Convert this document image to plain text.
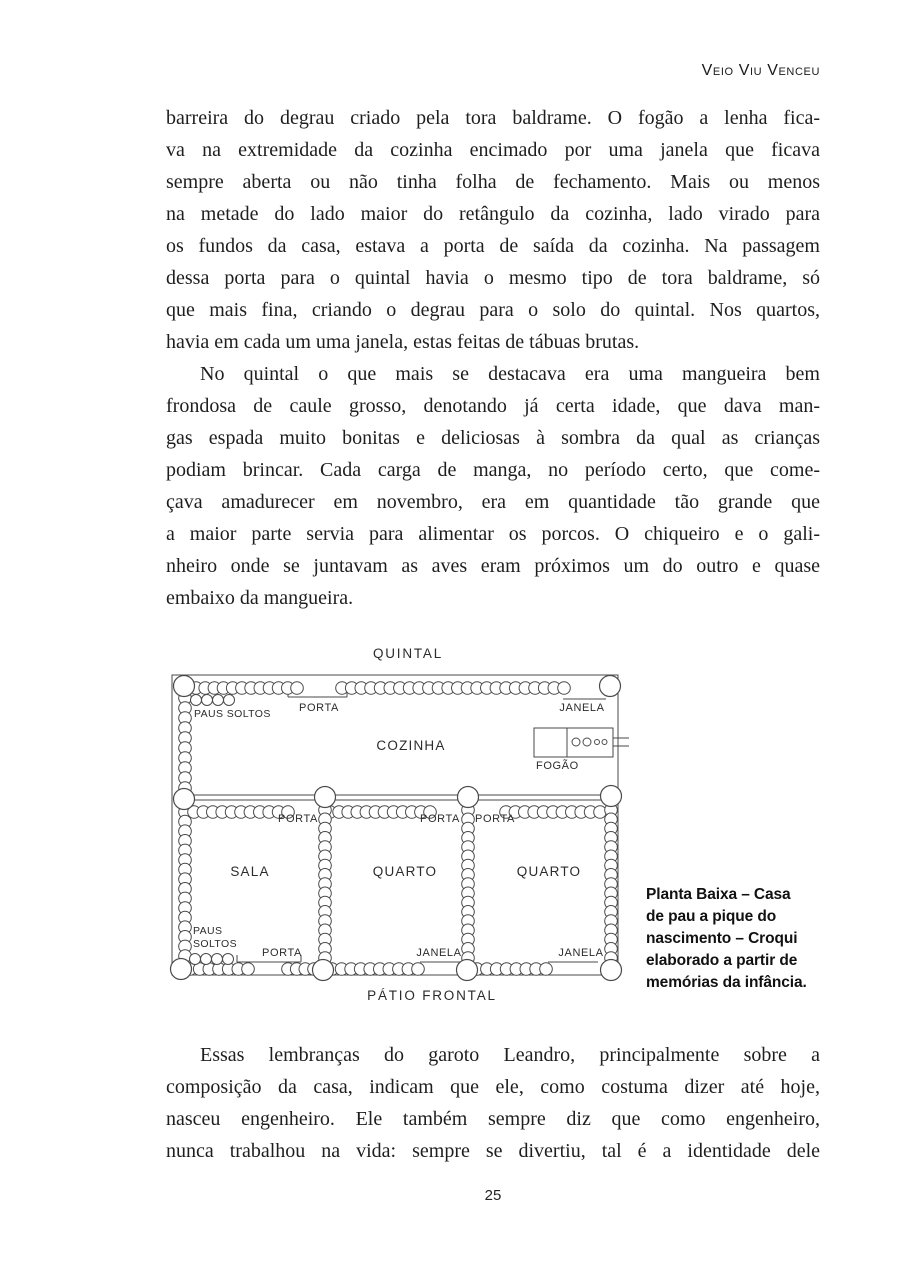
Veio Viu Venceu
barreira do degrau criado pela tora baldrame. O fogão a lenha fica-
va na extremidade da cozinha encimado por uma janela que ficava
sempre aberta ou não tinha folha de fechamento. Mais ou menos
na metade do lado maior do retângulo da cozinha, lado virado para
os fundos da casa, estava a porta de saída da cozinha. Na passagem
dessa porta para o quintal havia o mesmo tipo de tora baldrame, só
que mais fina, criando o degrau para o solo do quintal. Nos quartos,
havia em cada um uma janela, estas feitas de tábuas brutas.
No quintal o que mais se destacava era uma mangueira bem
frondosa de caule grosso, denotando já certa idade, que dava man-
gas espada muito bonitas e deliciosas à sombra da qual as crianças
podiam brincar. Cada carga de manga, no período certo, que come-
çava amadurecer em novembro, era em quantidade tão grande que
a maior parte servia para alimentar os porcos. O chiqueiro e o gali-
nheiro onde se juntavam as aves eram próximos um do outro e quase
embaixo da mangueira.
QUINTAL
PORTA	JANELA
PAUS SOLTOS
COZINHA
FOGÃO
PORTA	PORTA PORTA
SALA	QUARTO	QUARTO
PAUS
SOLTOS
PORTA	JANELA	JANELA
PÁTIO FRONTAL
Planta Baixa – Casa
de pau a pique do
nascimento – Croqui
elaborado a partir de
memórias da infância.
Essas lembranças do garoto Leandro, principalmente sobre a
composição da casa, indicam que ele, como costuma dizer até hoje,
nasceu engenheiro. Ele também sempre diz que como engenheiro,
nunca trabalhou na vida: sempre se divertiu, tal é a identidade dele
25
